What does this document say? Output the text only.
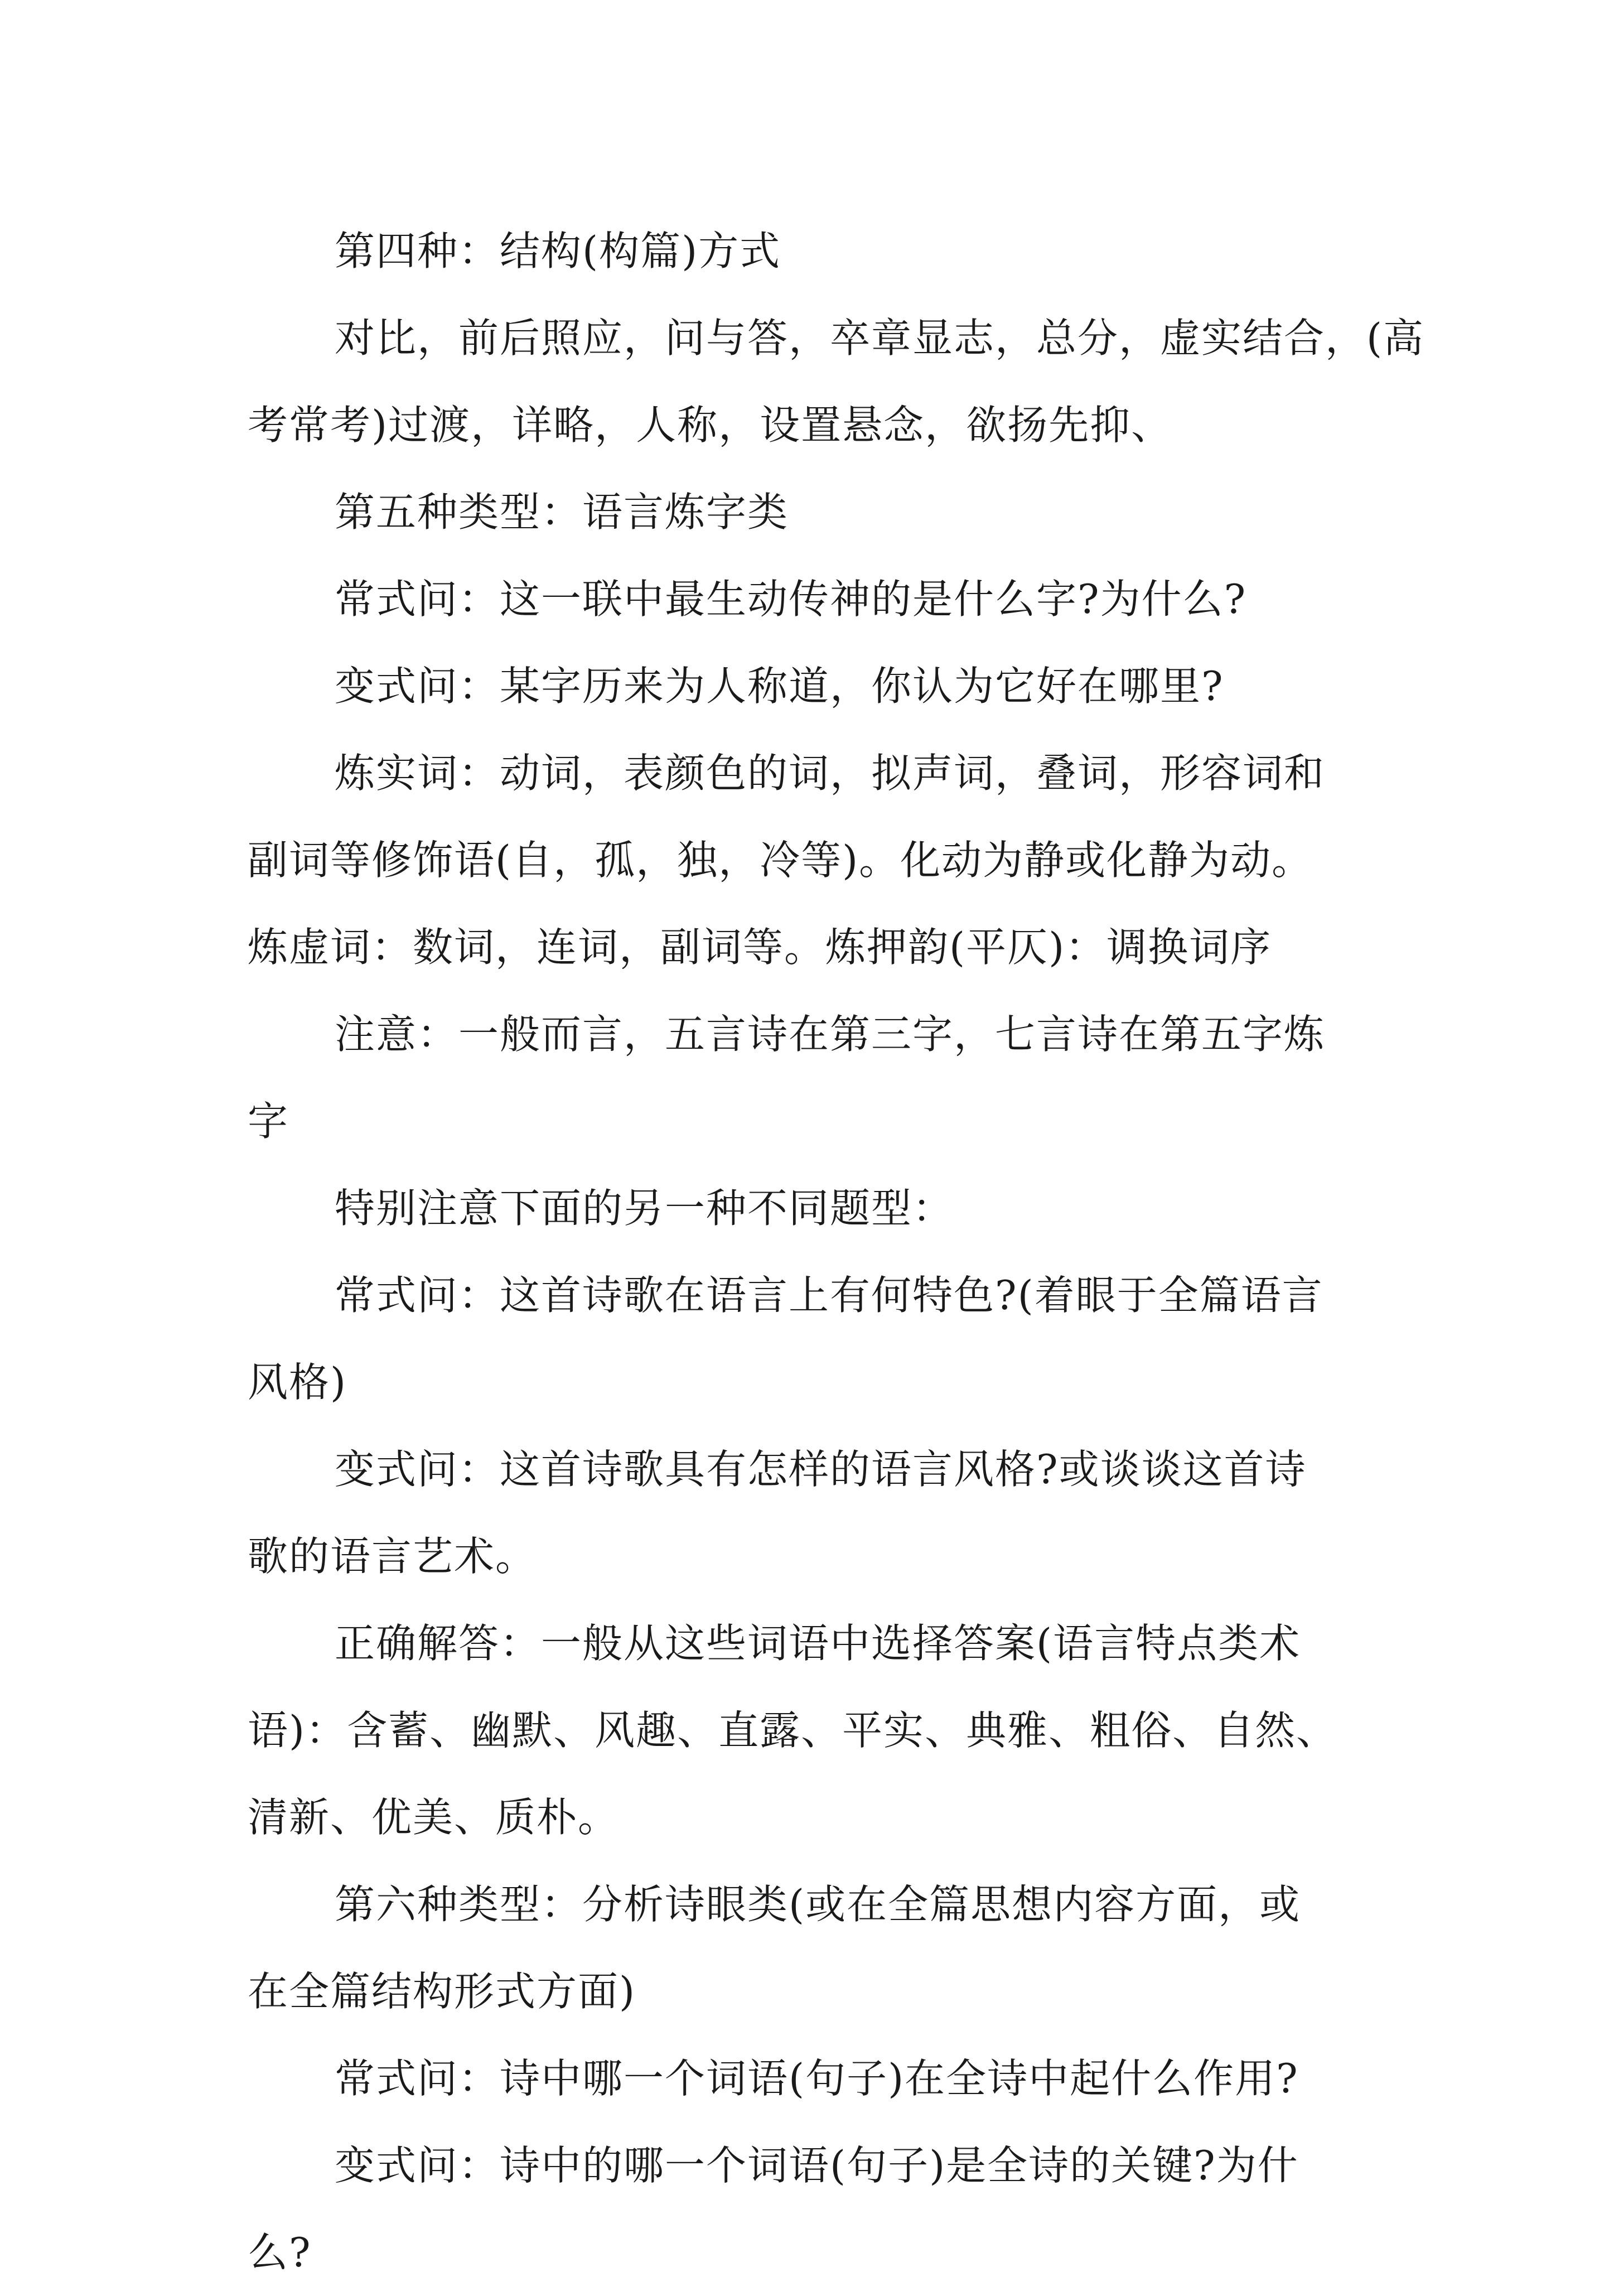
第四种：结构(构篇)方式
对比，前后照应，问与答，卒章显志，总分，虚实结合，(高
考常考)过渡，详略，人称，设置悬念，欲扬先抑、
第五种类型：语言炼字类
常式问：这一联中最生动传神的是什么字?为什么?
变式问：某字历来为人称道，你认为它好在哪里?
炼实词：动词，表颜色的词，拟声词，叠词，形容词和
副词等修饰语(自，孤，独，冷等)。化动为静或化静为动。
炼虚词：数词，连词，副词等。炼押韵(平仄)：调换词序
注意：一般而言，五言诗在第三字，七言诗在第五字炼
字
特别注意下面的另一种不同题型：
常式问：这首诗歌在语言上有何特色?(着眼于全篇语言
风格)
变式问：这首诗歌具有怎样的语言风格?或谈谈这首诗
歌的语言艺术。
正确解答：一般从这些词语中选择答案(语言特点类术
语)：含蓄、幽默、风趣、直露、平实、典雅、粗俗、自然、
清新、优美、质朴。
第六种类型：分析诗眼类(或在全篇思想内容方面，或
在全篇结构形式方面)
常式问：诗中哪一个词语(句子)在全诗中起什么作用?
变式问：诗中的哪一个词语(句子)是全诗的关键?为什
么?
